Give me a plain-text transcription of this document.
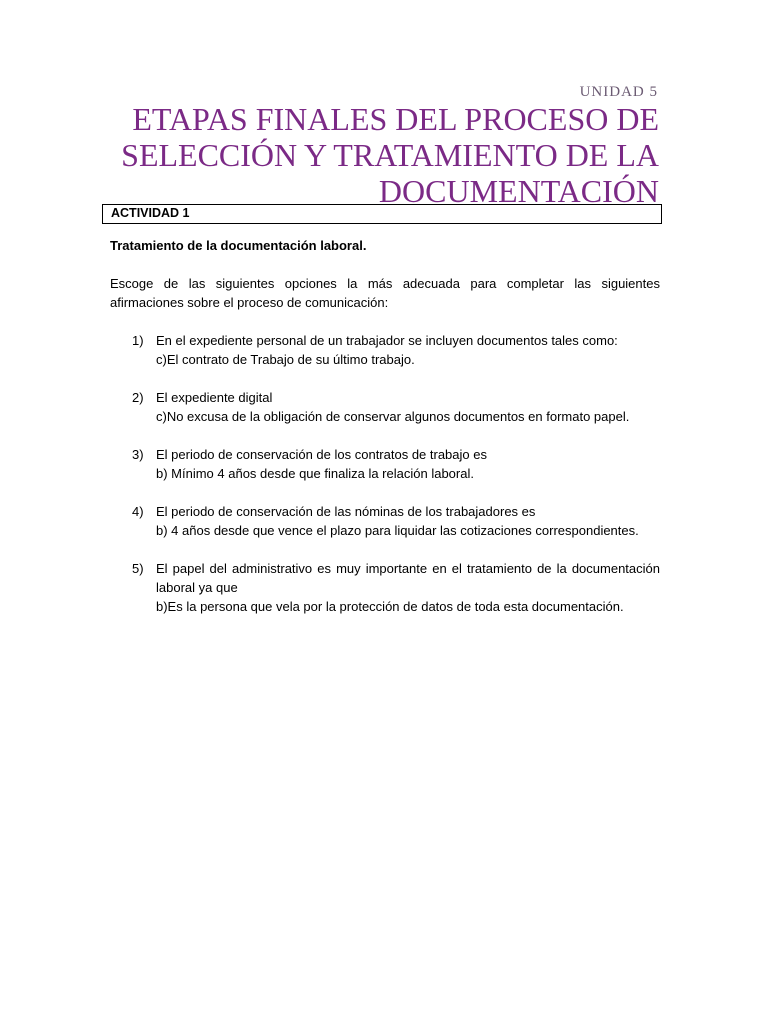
UNIDAD 5
ETAPAS FINALES DEL PROCESO DE
SELECCIÓN Y TRATAMIENTO DE LA
DOCUMENTACIÓN
ACTIVIDAD 1

Tratamiento de la documentación laboral.

Escoge de las siguientes opciones la más adecuada para completar las siguientes afirmaciones sobre el proceso de comunicación:

1) En el expediente personal de un trabajador se incluyen documentos tales como:
c)El contrato de Trabajo de su último trabajo.
2) El expediente digital
c)No excusa de la obligación de conservar algunos documentos en formato papel.
3) El periodo de conservación de los contratos de trabajo es
b) Mínimo 4 años desde que finaliza la relación laboral.
4) El periodo de conservación de las nóminas de los trabajadores es
b) 4 años desde que vence el plazo para liquidar las cotizaciones correspondientes.
5) El papel del administrativo es muy importante en el tratamiento de la documentación laboral ya que
b)Es la persona que vela por la protección de datos de toda esta documentación.
